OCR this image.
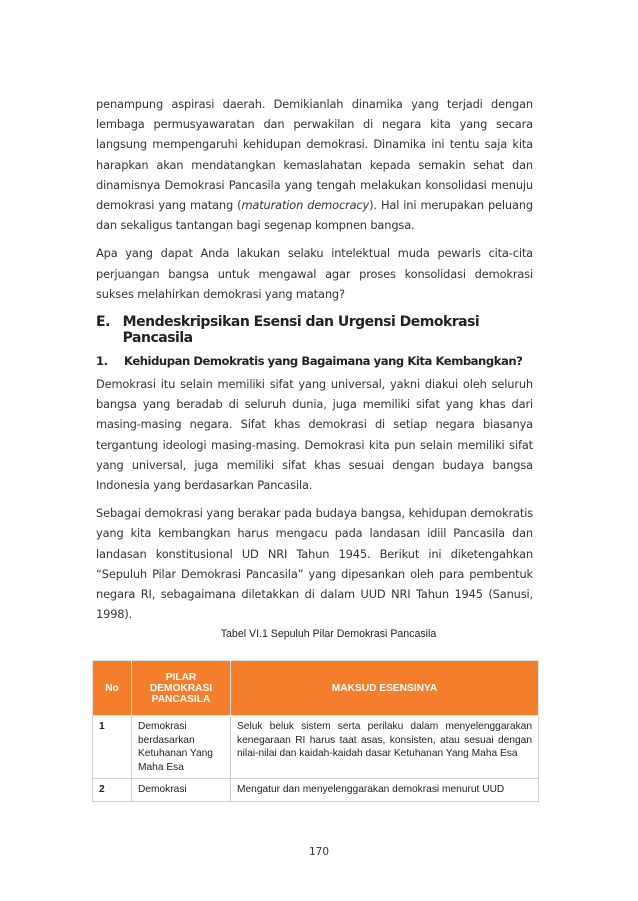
penampung aspirasi daerah. Demikianlah dinamika yang terjadi dengan lembaga permusyawaratan dan perwakilan di negara kita yang secara langsung mempengaruhi kehidupan demokrasi. Dinamika ini tentu saja kita harapkan akan mendatangkan kemaslahatan kepada semakin sehat dan dinamisnya Demokrasi Pancasila yang tengah melakukan konsolidasi menuju demokrasi yang matang (maturation democracy). Hal ini merupakan peluang dan sekaligus tantangan bagi segenap kompnen bangsa.

Apa yang dapat Anda lakukan selaku intelektual muda pewaris cita-cita perjuangan bangsa untuk mengawal agar proses konsolidasi demokrasi sukses melahirkan demokrasi yang matang?

E. Mendeskripsikan Esensi dan Urgensi Demokrasi Pancasila
1.	Kehidupan Demokratis yang Bagaimana yang Kita Kembangkan?

Demokrasi itu selain memiliki sifat yang universal, yakni diakui oleh seluruh bangsa yang beradab di seluruh dunia, juga memiliki sifat yang khas dari masing-masing negara. Sifat khas demokrasi di setiap negara biasanya tergantung ideologi masing-masing. Demokrasi kita pun selain memiliki sifat yang universal, juga memiliki sifat khas sesuai dengan budaya bangsa Indonesia yang berdasarkan Pancasila.

Sebagai demokrasi yang berakar pada budaya bangsa, kehidupan demokratis yang kita kembangkan harus mengacu pada landasan idiil Pancasila dan landasan konstitusional UD NRI Tahun 1945. Berikut ini diketengahkan “Sepuluh Pilar Demokrasi Pancasila” yang dipesankan oleh para pembentuk negara RI, sebagaimana diletakkan di dalam UUD NRI Tahun 1945 (Sanusi, 1998).

Tabel VI.1 Sepuluh Pilar Demokrasi Pancasila
No	PILAR DEMOKRASI PANCASILA	MAKSUD ESENSINYA
1	Demokrasi berdasarkan Ketuhanan Yang Maha Esa	Seluk beluk sistem serta perilaku dalam menyelenggarakan kenegaraan RI harus taat asas, konsisten, atau sesuai dengan nilai-nilai dan kaidah-kaidah dasar Ketuhanan Yang Maha Esa
2	Demokrasi	Mengatur dan menyelenggarakan demokrasi menurut UUD
170
